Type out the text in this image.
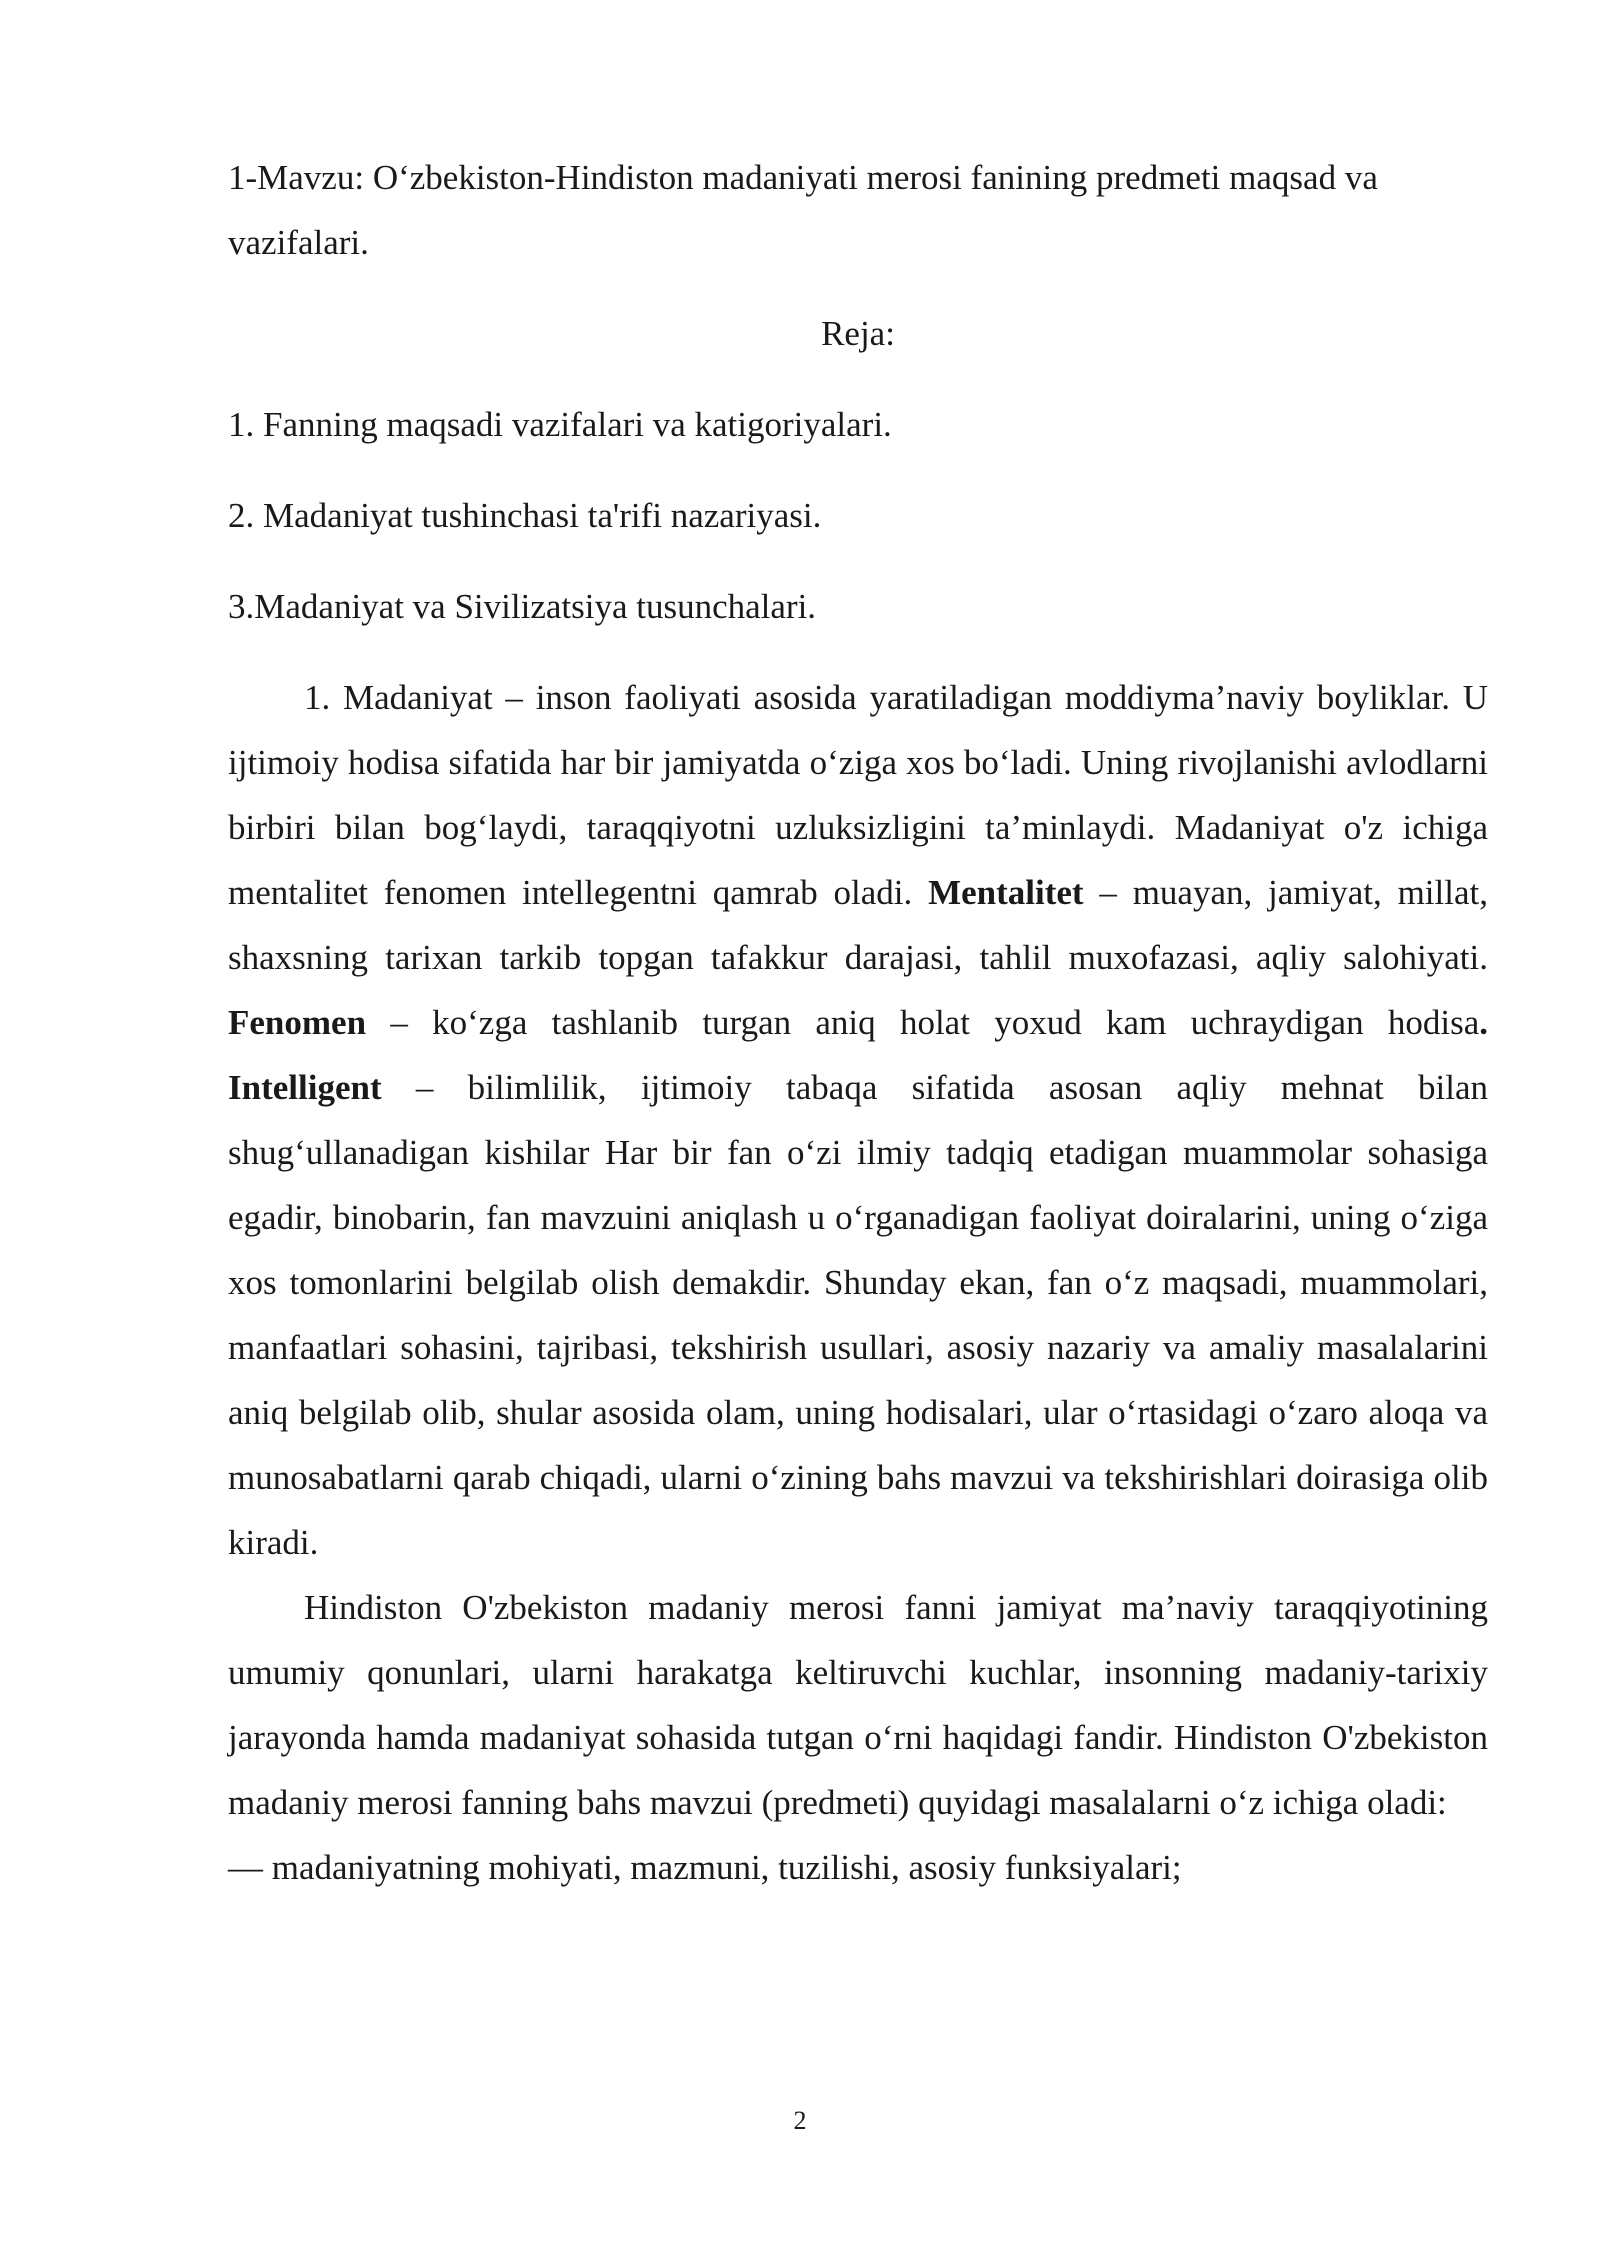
1-Mavzu: O‘zbekiston-Hindiston madaniyati merosi fanining predmeti maqsad va vazifalari.

Reja:

1. Fanning maqsadi vazifalari va katigoriyalari.

2. Madaniyat tushinchasi ta'rifi nazariyasi.

3.Madaniyat va Sivilizatsiya tusunchalari.

1. Madaniyat – inson faoliyati asosida yaratiladigan moddiyma’naviy boyliklar. U ijtimoiy hodisa sifatida har bir jamiyatda o‘ziga xos bo‘ladi. Uning rivojlanishi avlodlarni birbiri bilan bog‘laydi, taraqqiyotni uzluksizligini ta’minlaydi. Madaniyat o'z ichiga mentalitet fenomen intellegentni qamrab oladi. Mentalitet – muayan, jamiyat, millat, shaxsning tarixan tarkib topgan tafakkur darajasi, tahlil muxofazasi, aqliy salohiyati. Fenomen – ko‘zga tashlanib turgan aniq holat yoxud kam uchraydigan hodisa. Intelligent – bilimlilik, ijtimoiy tabaqa sifatida asosan aqliy mehnat bilan shug‘ullanadigan kishilar Har bir fan o‘zi ilmiy tadqiq etadigan muammolar sohasiga egadir, binobarin, fan mavzuini aniqlash u o‘rganadigan faoliyat doiralarini, uning o‘ziga xos tomonlarini belgilab olish demakdir. Shunday ekan, fan o‘z maqsadi, muammolari, manfaatlari sohasini, tajribasi, tekshirish usullari, asosiy nazariy va amaliy masalalarini aniq belgilab olib, shular asosida olam, uning hodisalari, ular o‘rtasidagi o‘zaro aloqa va munosabatlarni qarab chiqadi, ularni o‘zining bahs mavzui va tekshirishlari doirasiga olib kiradi.

Hindiston O'zbekiston madaniy merosi fanni jamiyat ma’naviy taraqqiyotining umumiy qonunlari, ularni harakatga keltiruvchi kuchlar, insonning madaniy-tarixiy jarayonda hamda madaniyat sohasida tutgan o‘rni haqidagi fandir. Hindiston O'zbekiston madaniy merosi fanning bahs mavzui (predmeti) quyidagi masalalarni o‘z ichiga oladi:

— madaniyatning mohiyati, mazmuni, tuzilishi, asosiy funksiyalari;

2
